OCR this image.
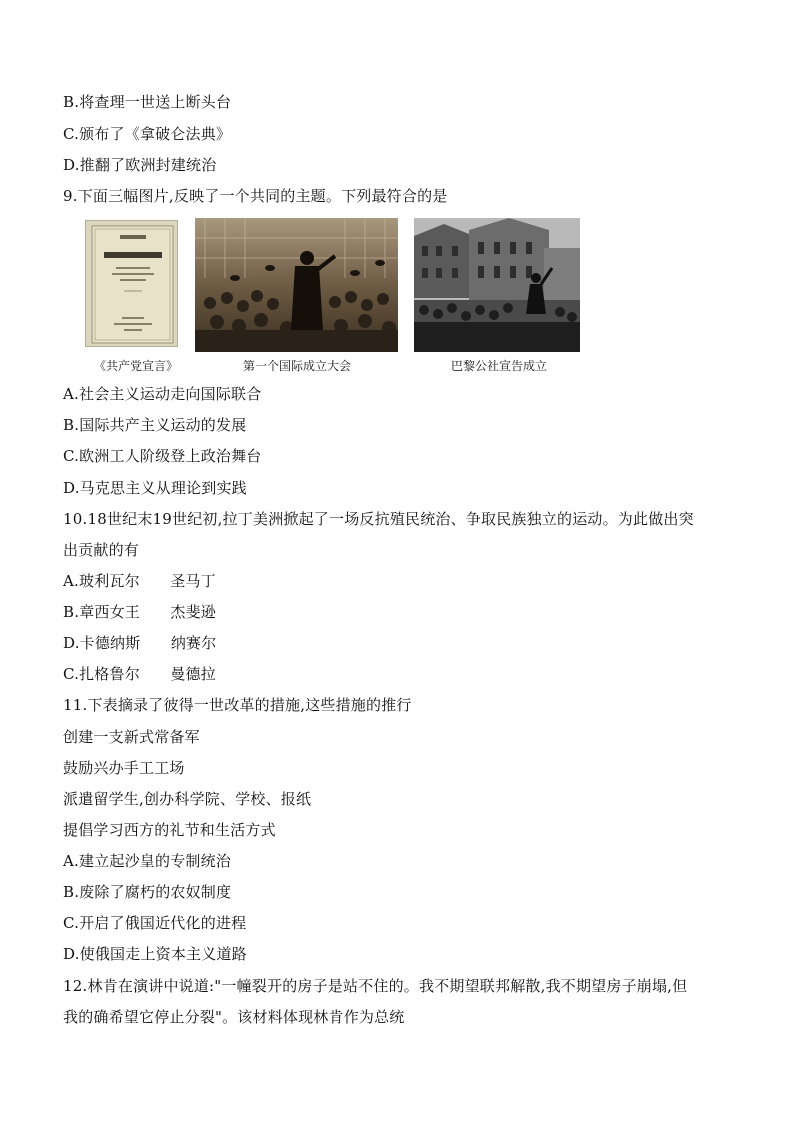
B.将查理一世送上断头台
C.颁布了《拿破仑法典》
D.推翻了欧洲封建统治
9.下面三幅图片,反映了一个共同的主题。下列最符合的是
《共产党宣言》	第一个国际成立大会	巴黎公社宣告成立
A.社会主义运动走向国际联合
B.国际共产主义运动的发展
C.欧洲工人阶级登上政治舞台
D.马克思主义从理论到实践
10.18世纪末19世纪初,拉丁美洲掀起了一场反抗殖民统治、争取民族独立的运动。为此做出突
出贡献的有
A.玻利瓦尔　　圣马丁
B.章西女王　　杰斐逊
D.卡德纳斯　　纳赛尔
C.扎格鲁尔　　曼德拉
11.下表摘录了彼得一世改革的措施,这些措施的推行
创建一支新式常备军
鼓励兴办手工工场
派遣留学生,创办科学院、学校、报纸
提倡学习西方的礼节和生活方式
A.建立起沙皇的专制统治
B.废除了腐朽的农奴制度
C.开启了俄国近代化的进程
D.使俄国走上资本主义道路
12.林肯在演讲中说道:"一幢裂开的房子是站不住的。我不期望联邦解散,我不期望房子崩塌,但
我的确希望它停止分裂"。该材料体现林肯作为总统
